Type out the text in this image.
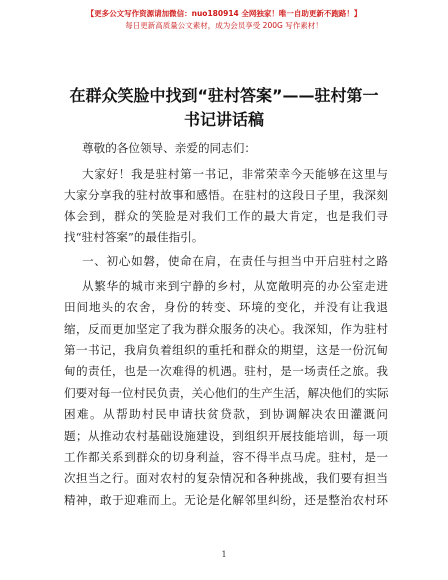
【更多公文写作资源请加微信：nuo180914 全网独家！唯一自助更新不跑路！】
每日更新高质量公文素材，成为会员享受 200G 写作素材！
在群众笑脸中找到“驻村答案”——驻村第一
书记讲话稿
尊敬的各位领导、亲爱的同志们：
大家好！我是驻村第一书记，非常荣幸今天能够在这里与
大家分享我的驻村故事和感悟。在驻村的这段日子里，我深刻
体会到，群众的笑脸是对我们工作的最大肯定，也是我们寻
找“驻村答案”的最佳指引。
一、初心如磐，使命在肩，在责任与担当中开启驻村之路
从繁华的城市来到宁静的乡村，从宽敞明亮的办公室走进
田间地头的农舍，身份的转变、环境的变化，并没有让我退
缩，反而更加坚定了我为群众服务的决心。我深知，作为驻村
第一书记，我肩负着组织的重托和群众的期望，这是一份沉甸
甸的责任，也是一次难得的机遇。驻村，是一场责任之旅。我
们要对每一位村民负责，关心他们的生产生活，解决他们的实际
困难。从帮助村民申请扶贫贷款，到协调解决农田灌溉问
题；从推动农村基础设施建设，到组织开展技能培训，每一项
工作都关系到群众的切身利益，容不得半点马虎。驻村，是一
次担当之行。面对农村的复杂情况和各种挑战，我们要有担当
精神，敢于迎难而上。无论是化解邻里纠纷，还是整治农村环
1
